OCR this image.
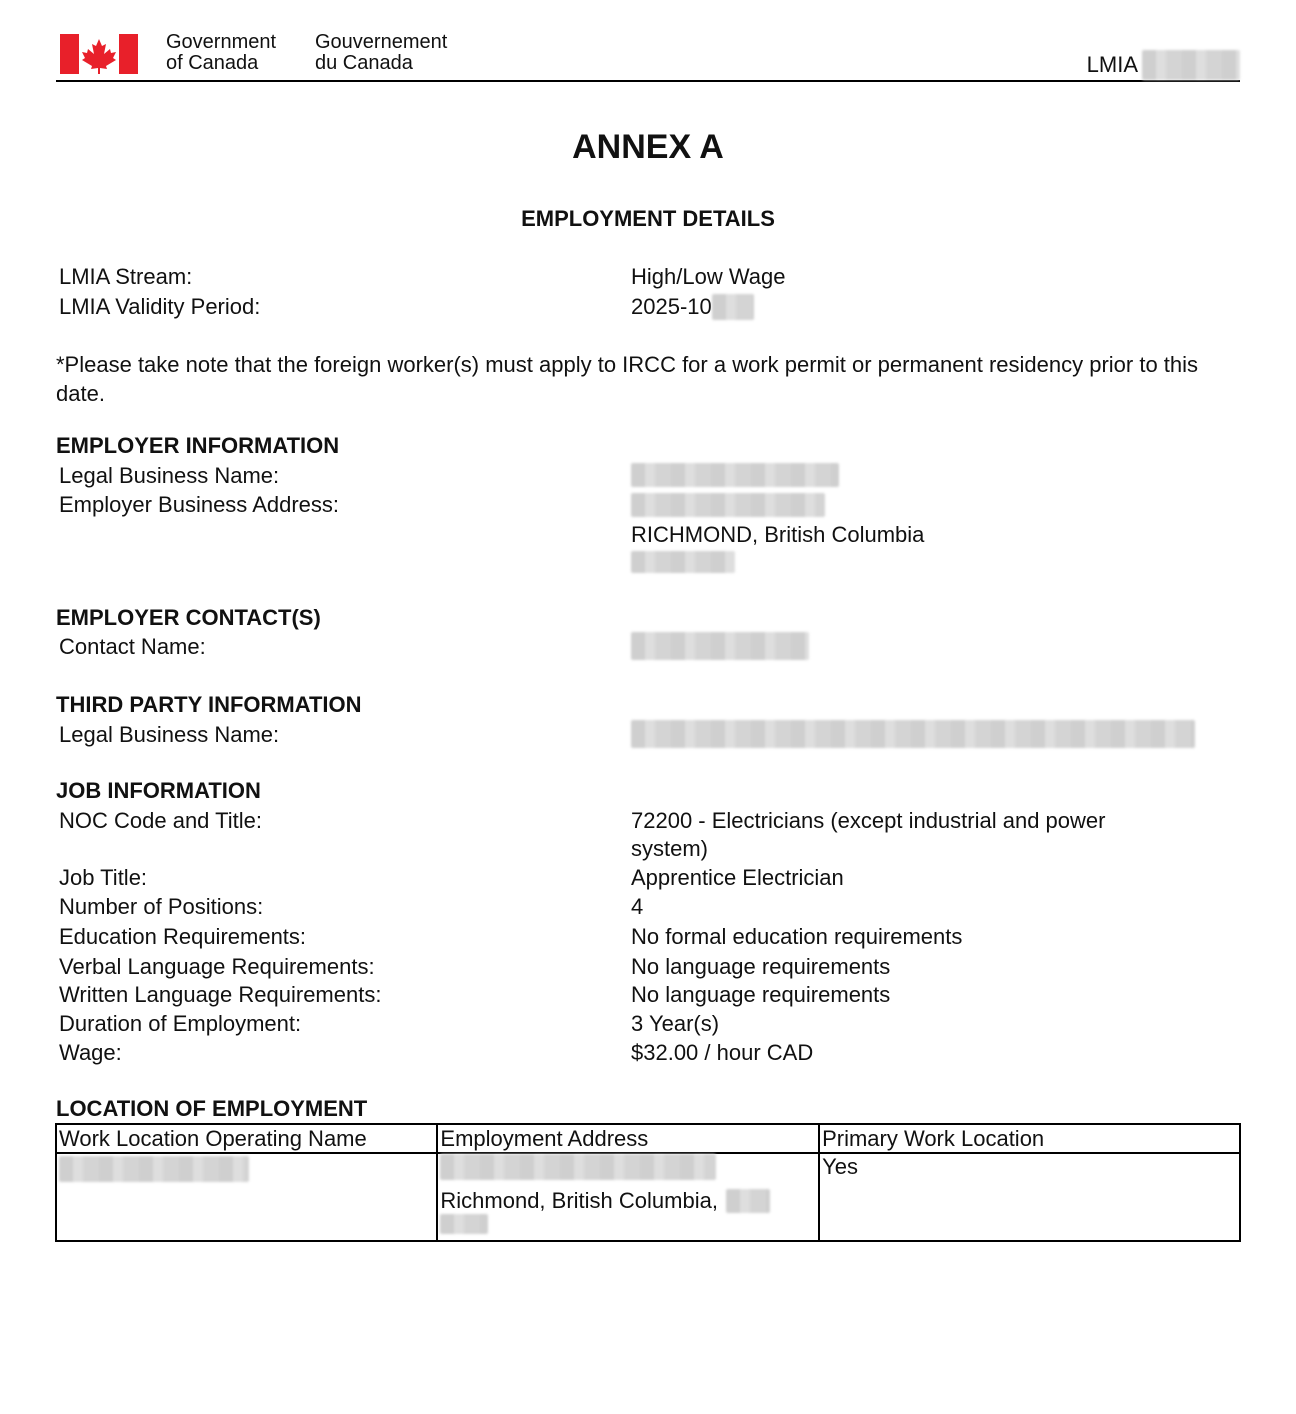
Government
of Canada
Gouvernement
du Canada	LMIA
ANNEX A
EMPLOYMENT DETAILS
LMIA Stream:	High/Low Wage
LMIA Validity Period:	2025-10

*Please take note that the foreign worker(s) must apply to IRCC for a work permit or permanent residency prior to this date.

EMPLOYER INFORMATION
Legal Business Name:
Employer Business Address:
RICHMOND, British Columbia
EMPLOYER CONTACT(S)
Contact Name:
THIRD PARTY INFORMATION
Legal Business Name:
JOB INFORMATION
NOC Code and Title:	72200 - Electricians (except industrial and power
system)
Job Title:	Apprentice Electrician
Number of Positions:	4
Education Requirements:	No formal education requirements
Verbal Language Requirements:	No language requirements
Written Language Requirements:	No language requirements
Duration of Employment:	3 Year(s)
Wage:	$32.00 / hour CAD
LOCATION OF EMPLOYMENT
Work Location Operating Name	Employment Address	Primary Work Location

	Richmond, British Columbia,	Yes
